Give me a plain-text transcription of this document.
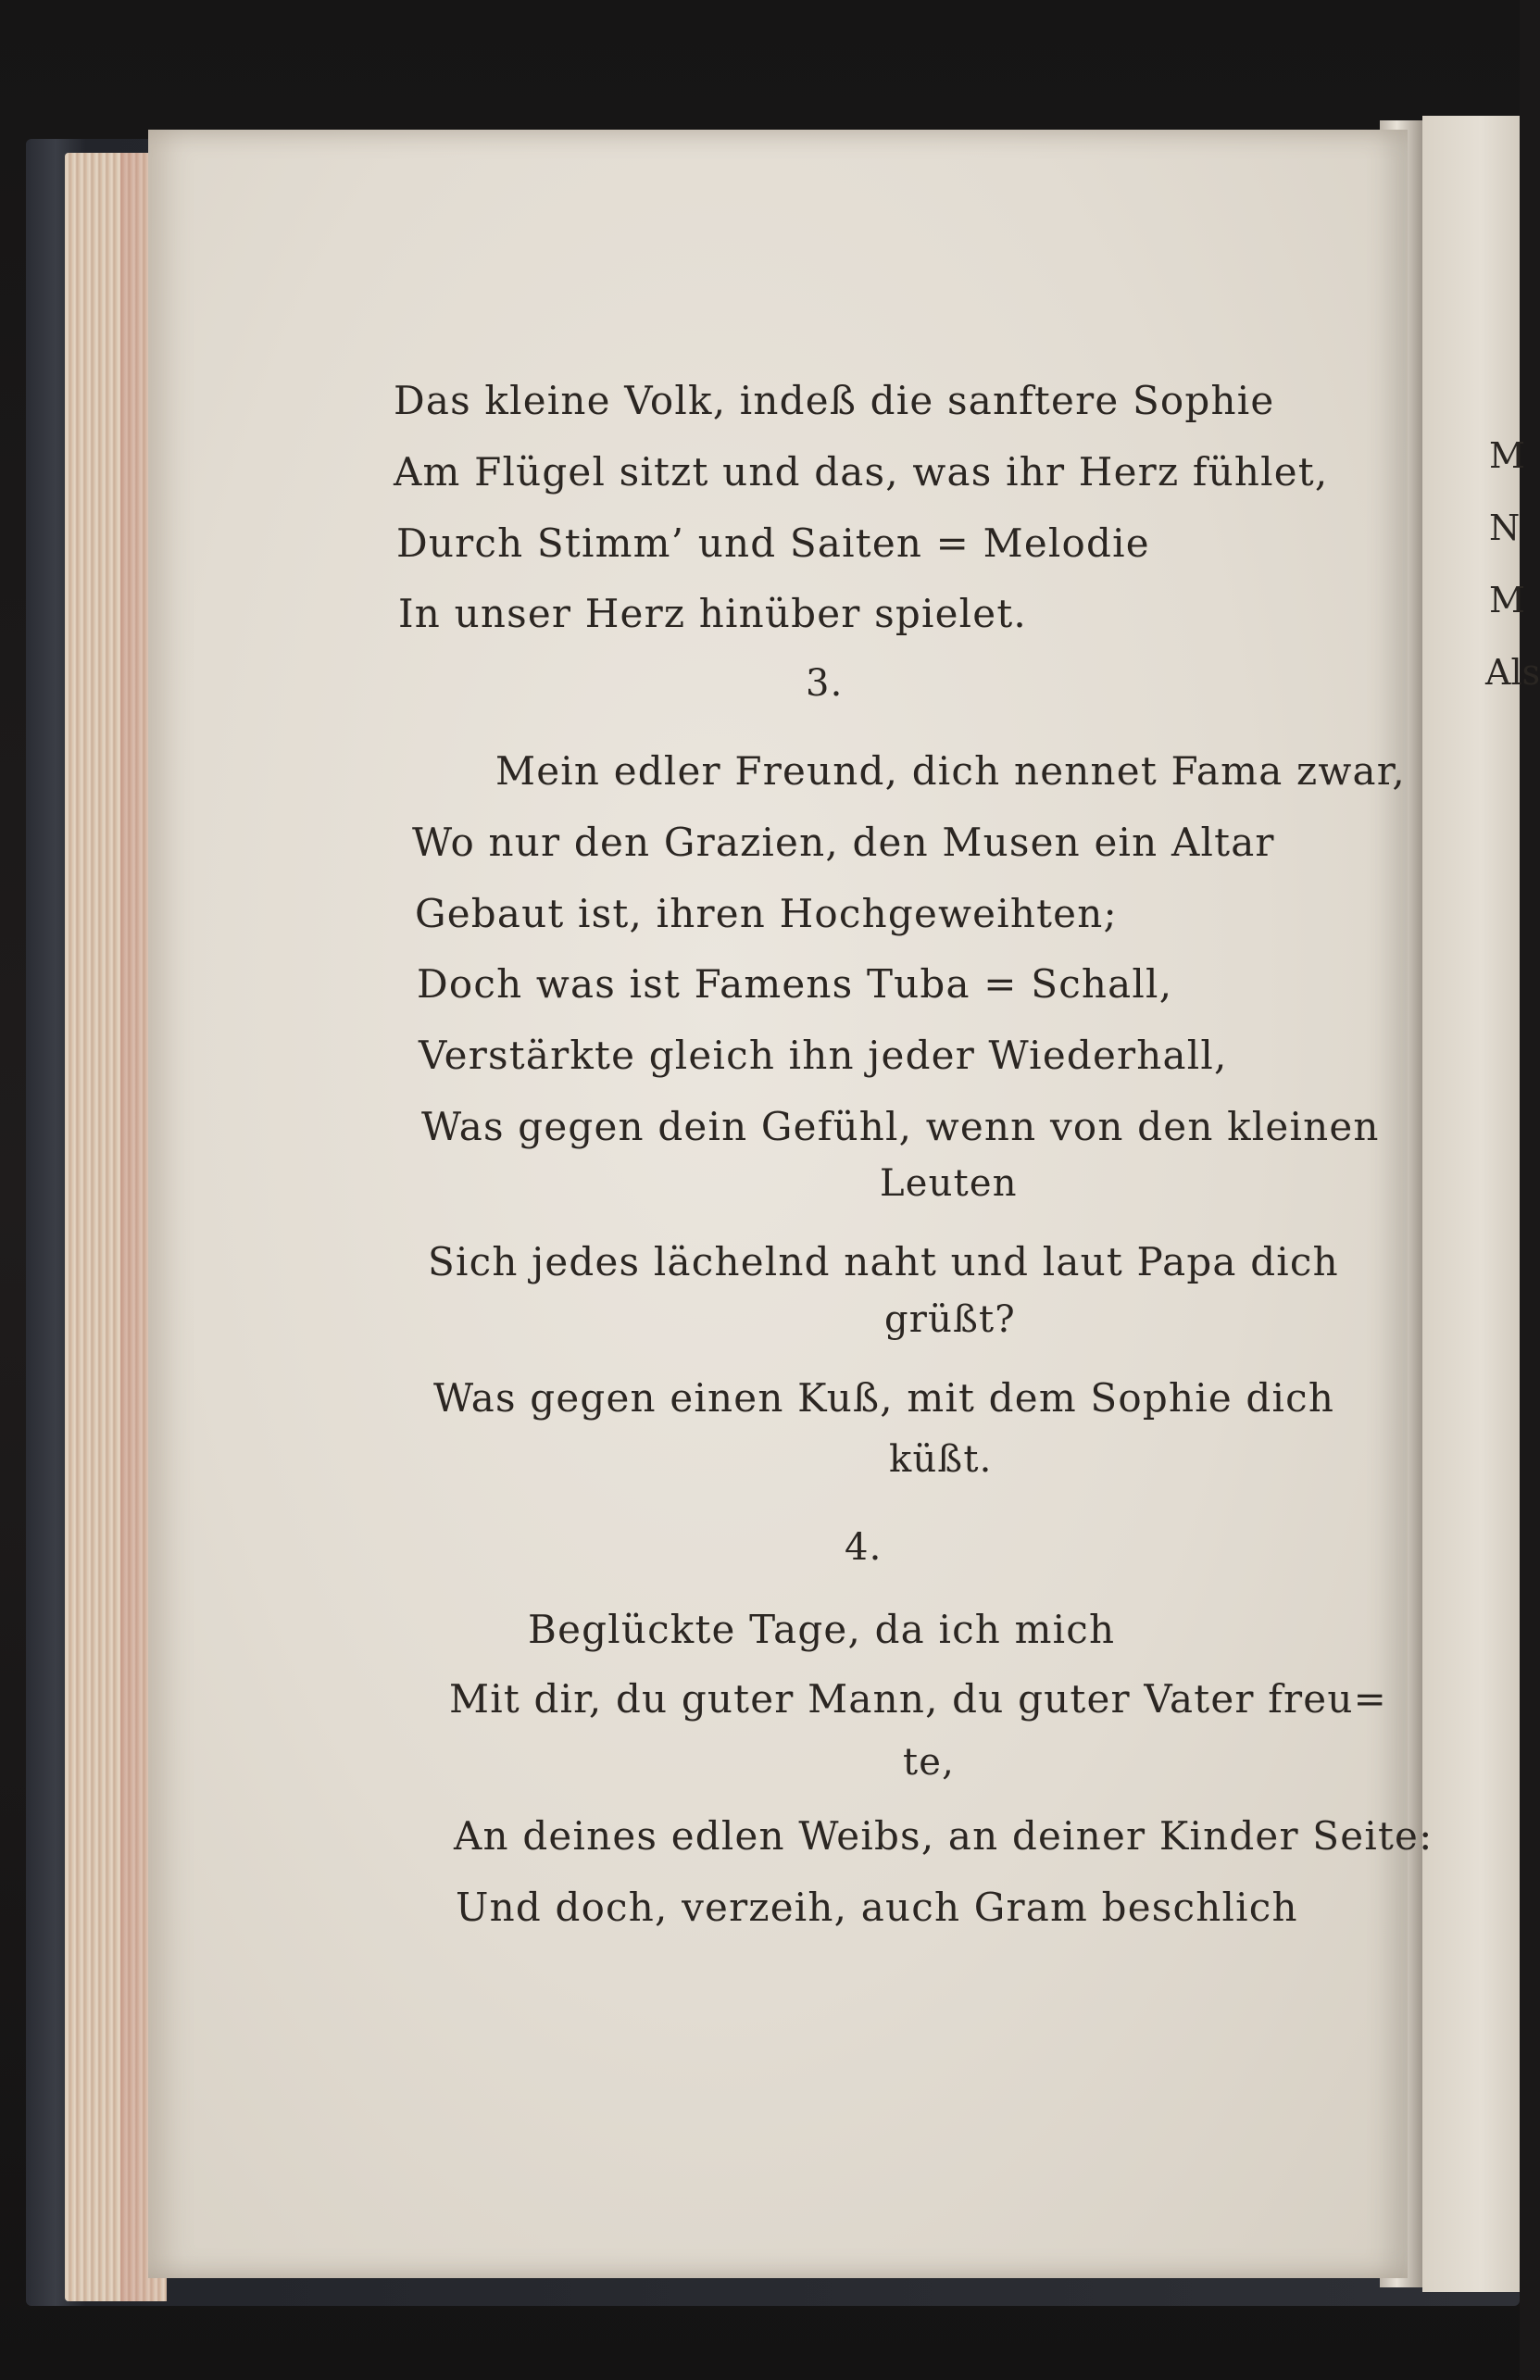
M
N
M
Als
Das kleine Volk, indeß die sanftere Sophie
Am Flügel sitzt und das, was ihr Herz fühlet,
Durch Stimm’ und Saiten = Melodie
In unser Herz hinüber spielet.
3.
Mein edler Freund, dich nennet Fama zwar,
Wo nur den Grazien, den Musen ein Altar
Gebaut ist, ihren Hochgeweihten;
Doch was ist Famens Tuba = Schall,
Verstärkte gleich ihn jeder Wiederhall,
Was gegen dein Gefühl, wenn von den kleinen
Leuten
Sich jedes lächelnd naht und laut Papa dich
grüßt?
Was gegen einen Kuß, mit dem Sophie dich
küßt.
4.
Beglückte Tage, da ich mich
Mit dir, du guter Mann, du guter Vater freu=
te,
An deines edlen Weibs, an deiner Kinder Seite:
Und doch, verzeih, auch Gram beschlich
